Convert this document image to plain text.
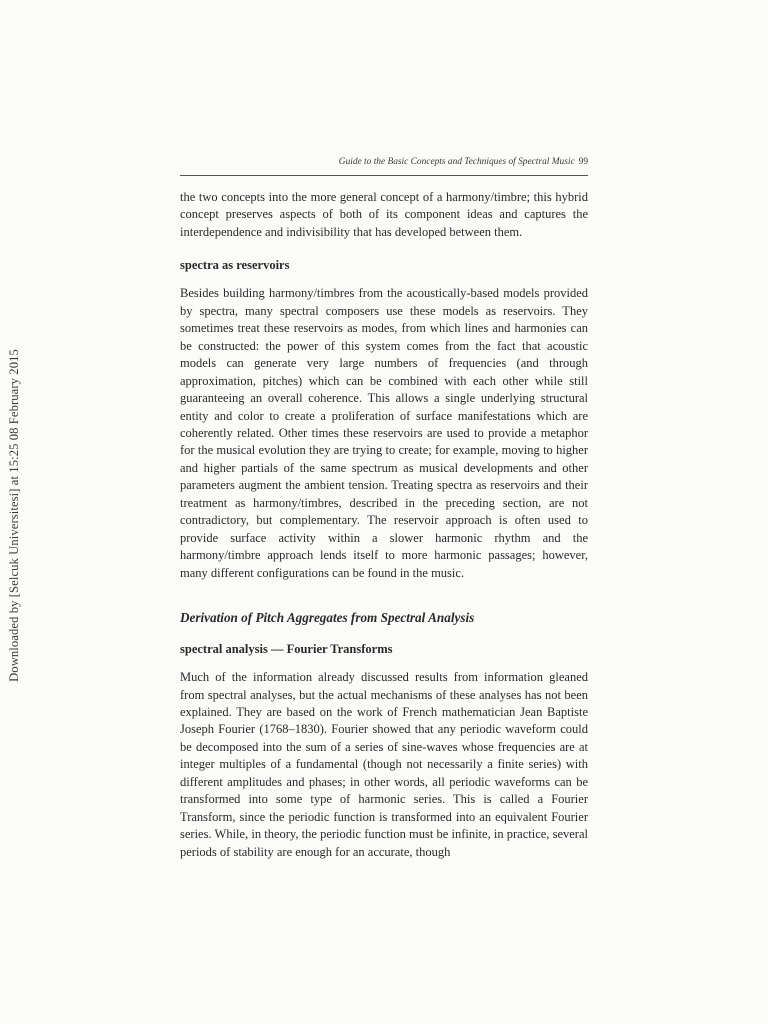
Downloaded by [Selcuk Universitesi] at 15:25 08 February 2015
Guide to the Basic Concepts and Techniques of Spectral Music 99

the two concepts into the more general concept of a harmony/timbre; this hybrid concept preserves aspects of both of its component ideas and captures the interdependence and indivisibility that has developed between them.

spectra as reservoirs

Besides building harmony/timbres from the acoustically-based models provided by spectra, many spectral composers use these models as reservoirs. They sometimes treat these reservoirs as modes, from which lines and harmonies can be constructed: the power of this system comes from the fact that acoustic models can generate very large numbers of frequencies (and through approximation, pitches) which can be combined with each other while still guaranteeing an overall coherence. This allows a single underlying structural entity and color to create a proliferation of surface manifestations which are coherently related. Other times these reservoirs are used to provide a metaphor for the musical evolution they are trying to create; for example, moving to higher and higher partials of the same spectrum as musical developments and other parameters augment the ambient tension. Treating spectra as reservoirs and their treatment as harmony/timbres, described in the preceding section, are not contradictory, but complementary. The reservoir approach is often used to provide surface activity within a slower harmonic rhythm and the harmony/timbre approach lends itself to more harmonic passages; however, many different configurations can be found in the music.

Derivation of Pitch Aggregates from Spectral Analysis
spectral analysis — Fourier Transforms

Much of the information already discussed results from information gleaned from spectral analyses, but the actual mechanisms of these analyses has not been explained. They are based on the work of French mathematician Jean Baptiste Joseph Fourier (1768–1830). Fourier showed that any periodic waveform could be decomposed into the sum of a series of sine-waves whose frequencies are at integer multiples of a fundamental (though not necessarily a finite series) with different amplitudes and phases; in other words, all periodic waveforms can be transformed into some type of harmonic series. This is called a Fourier Transform, since the periodic function is transformed into an equivalent Fourier series. While, in theory, the periodic function must be infinite, in practice, several periods of stability are enough for an accurate, though
